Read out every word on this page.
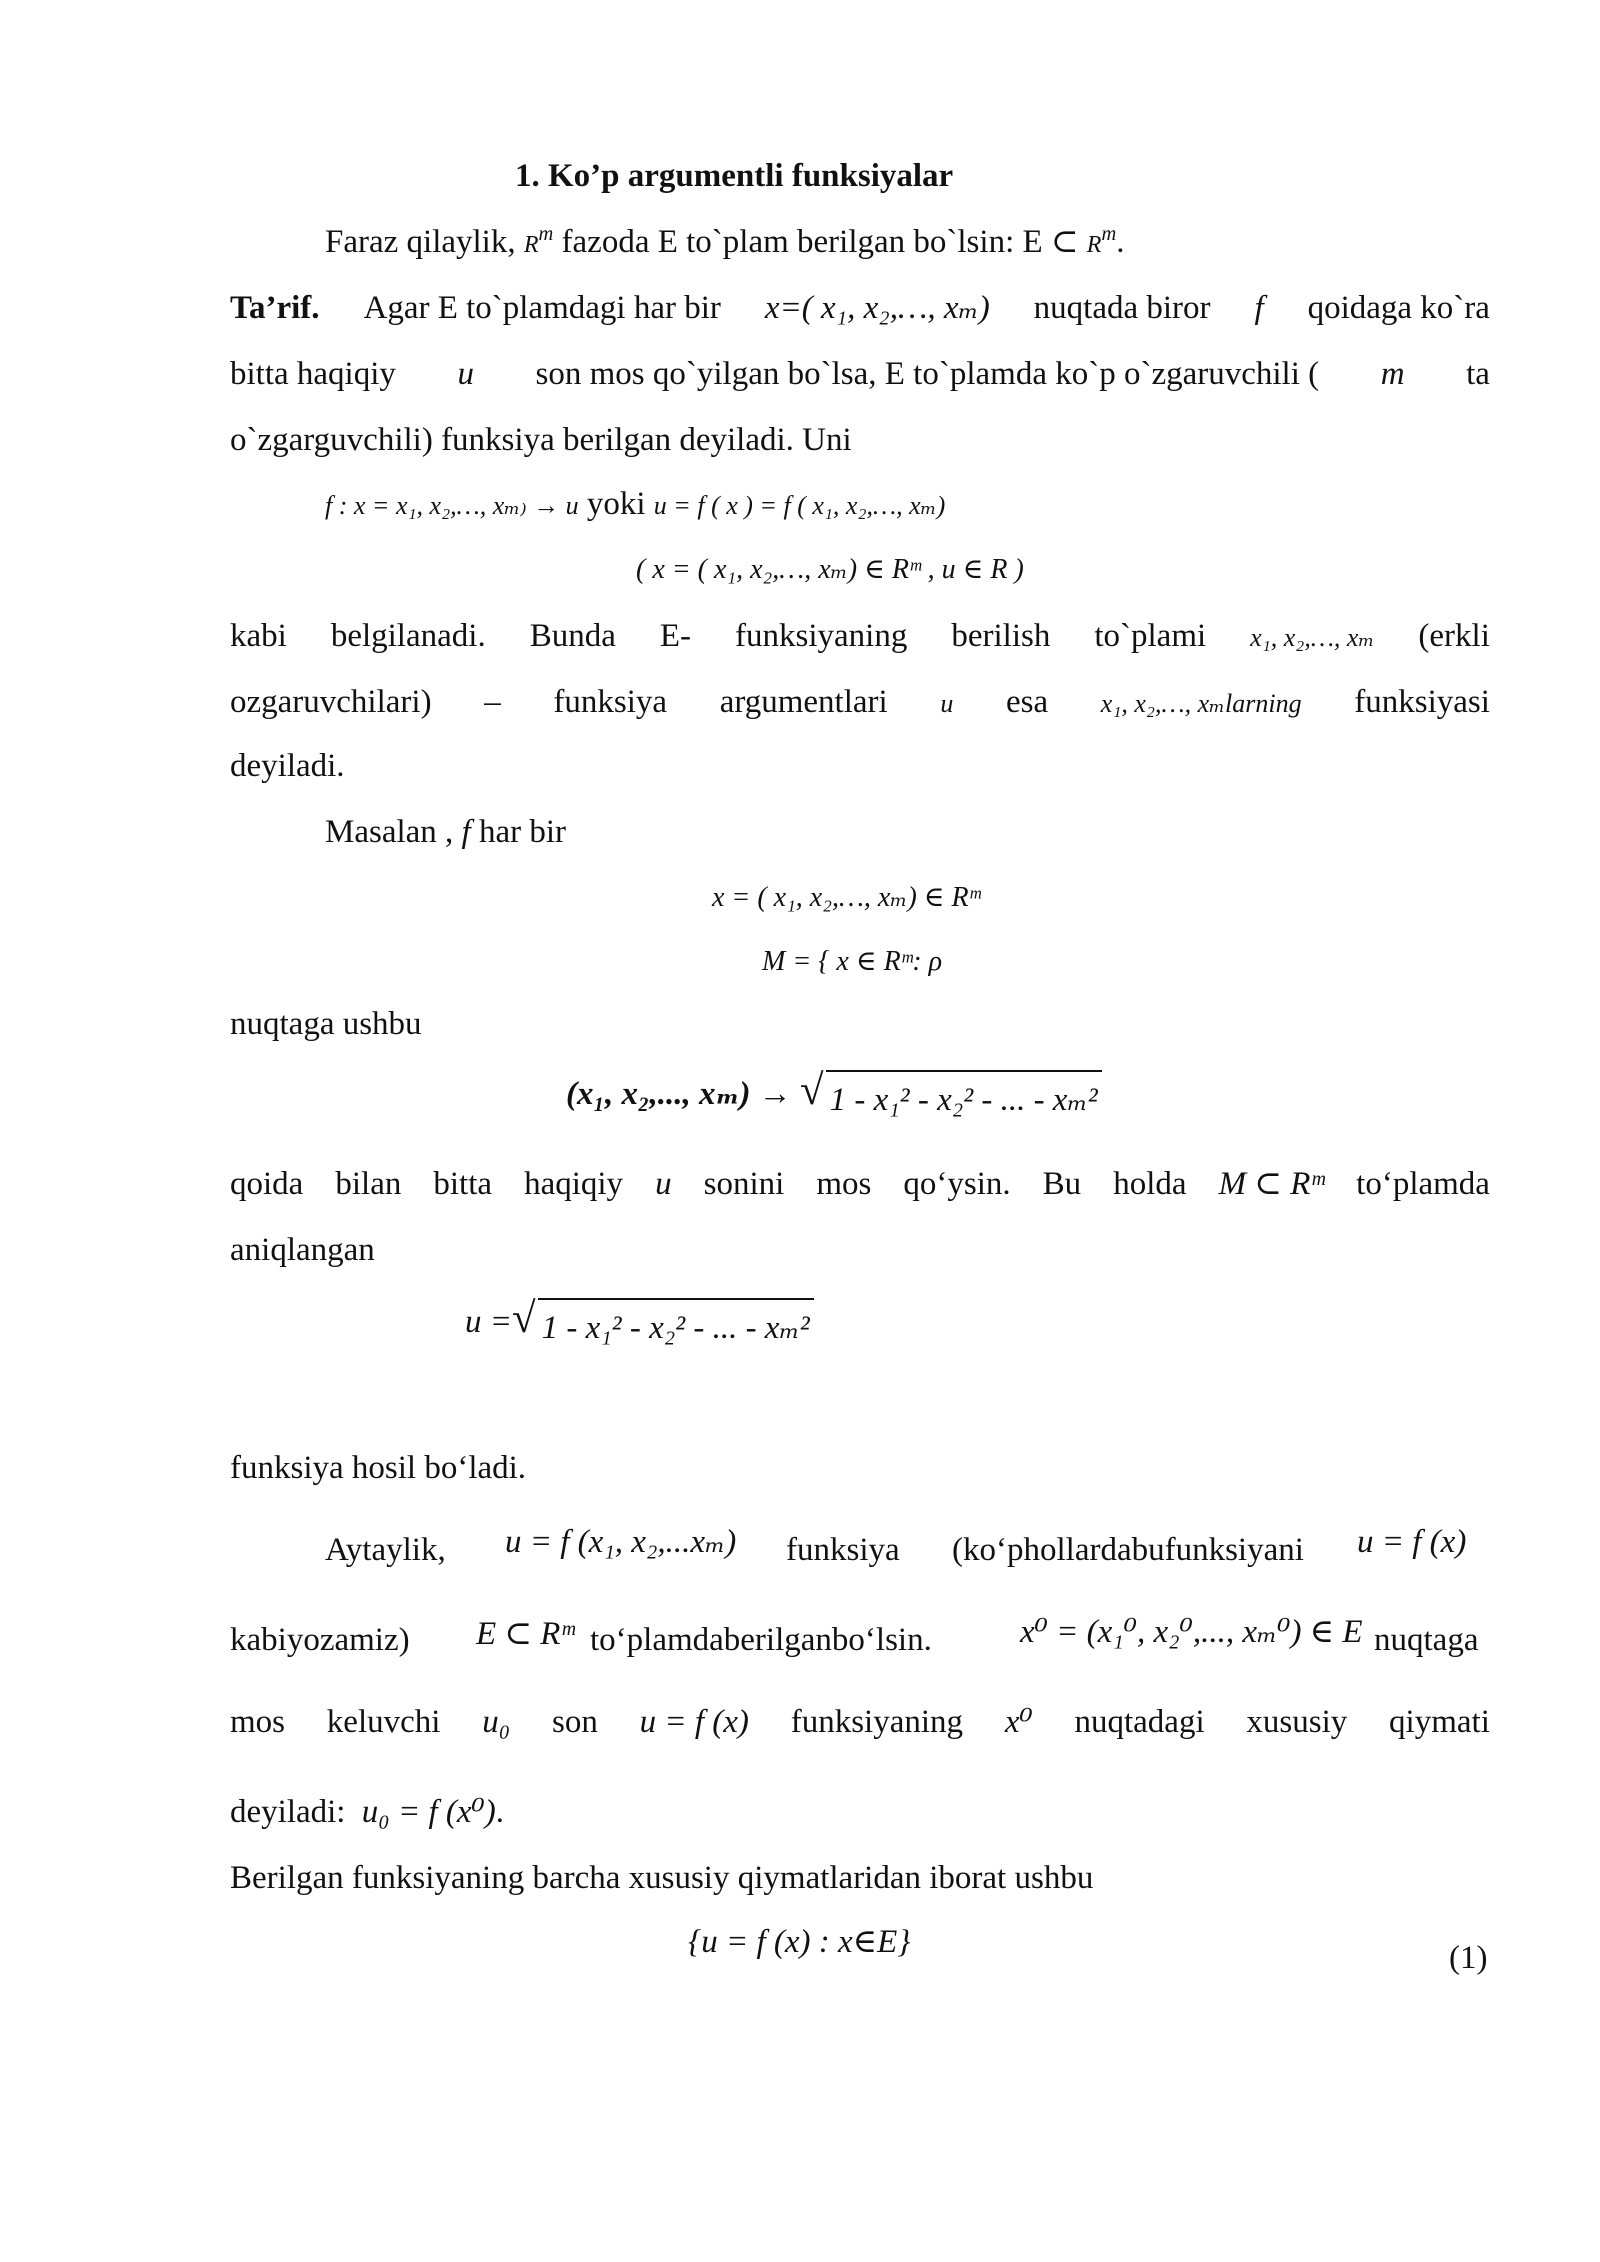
1. Ko’p argumentli funksiyalar
Faraz qilaylik, $R^m$ fazoda E to`plam berilgan bo`lsin: E ⊂ $R^m$.
Ta’rif. Agar E to`plamdagi har bir x=( x₁, x₂,…, xₘ) nuqtada biror f qoidaga ko`ra
bitta haqiqiy u son mos qo`yilgan bo`lsa, E to`plamda ko`p o`zgaruvchili ( m ta
o`zgarguvchili) funksiya berilgan deyiladi. Uni
f : x = x₁, x₂,…, xₘ₎ → u yoki u = f ( x ) = f ( x₁, x₂,…, xₘ)
( x = ( x₁, x₂,…, xₘ) ∈ Rᵐ , u ∈ R )
kabi belgilanadi. Bunda E- funksiyaning berilish to`plami x₁, x₂,…, xₘ (erkli
ozgaruvchilari) – funksiya argumentlari u esa x₁, x₂,…, xₘlarning funksiyasi
deyiladi.
Masalan , f har bir
x = ( x₁, x₂,…, xₘ) ∈ Rᵐ
M = { x ∈ Rᵐ: ρ
nuqtaga ushbu
(x₁, x₂,..., xₘ) → √ 1 - x₁² - x₂² - ... - xₘ²
qoida bilan bitta haqiqiy u sonini mos qo‘ysin. Bu holda M ⊂ Rᵐ to‘plamda
aniqlangan
u = √ 1 - x₁² - x₂² - ... - xₘ²
funksiya hosil bo‘ladi.
Aytaylik, u = f (x₁, x₂,...xₘ) funksiya (ko‘phollardabufunksiyani u = f (x)
kabiyozamiz) E ⊂ Rᵐ to‘plamdaberilganbo‘lsin.	x⁰ = (x₁⁰, x₂⁰,..., xₘ⁰) ∈ E nuqtaga
mos keluvchi u₀ son u = f (x) funksiyaning x⁰ nuqtadagi xususiy qiymati
deyiladi: u₀ = f (x⁰).
Berilgan funksiyaning barcha xususiy qiymatlaridan iborat ushbu
{u = f (x) : x∈E}	(1)
